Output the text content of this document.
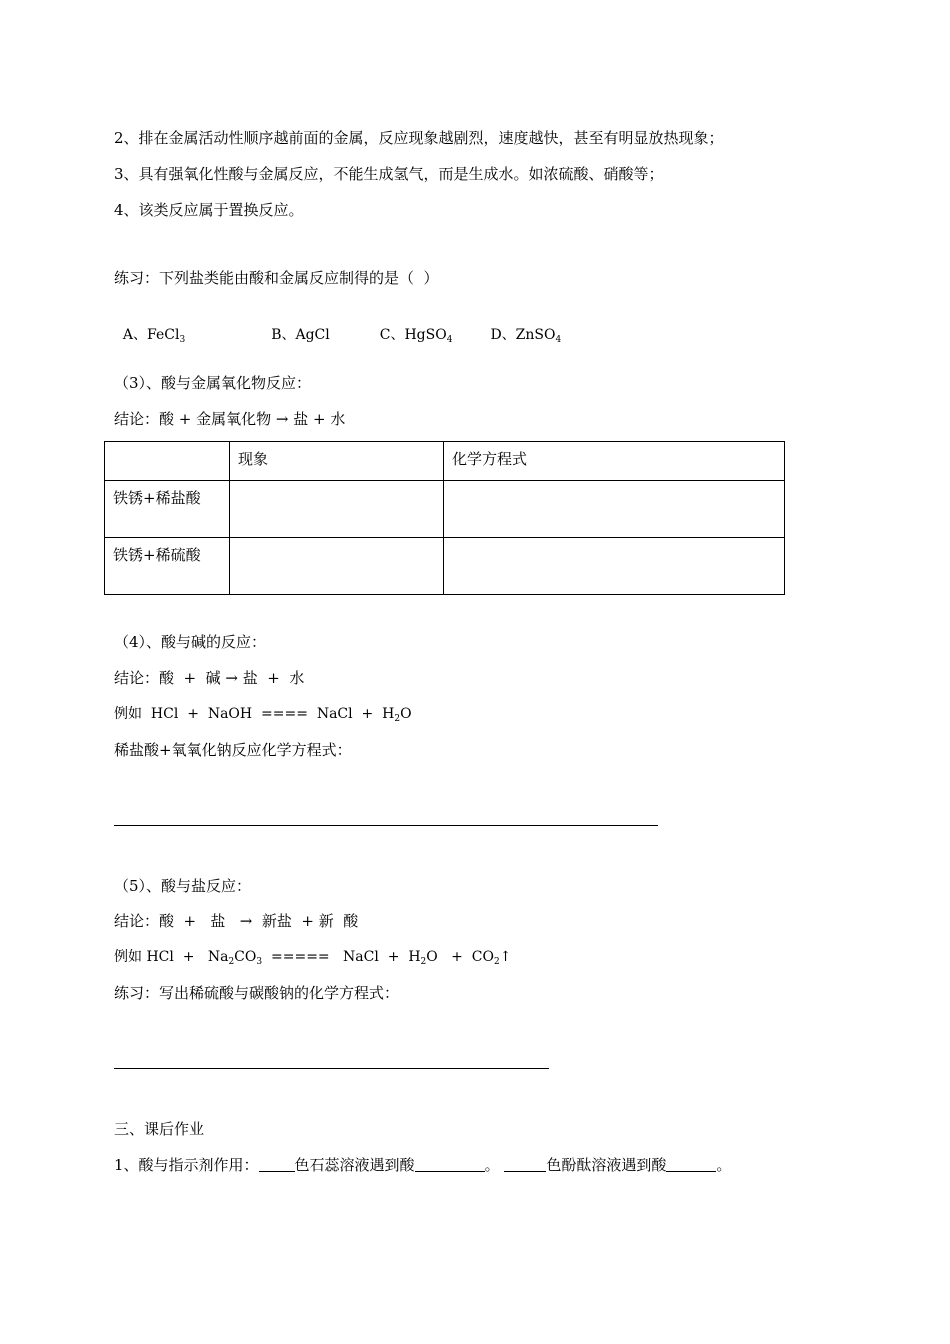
2、排在金属活动性顺序越前面的金属，反应现象越剧烈，速度越快，甚至有明显放热现象；
3、具有强氧化性酸与金属反应，不能生成氢气，而是生成水。如浓硫酸、硝酸等；
4、该类反应属于置换反应。
练习：下列盐类能由酸和金属反应制得的是（  ）

A、FeCl$_3$	B、AgCl	C、HgSO$_4$	D、ZnSO$_4$

（3）、酸与金属氧化物反应：
结论：酸 + 金属氧化物 → 盐 + 水
	现象	化学方程式
铁锈+稀盐酸		
铁锈+稀硫酸		
（4）、酸与碱的反应：
结论：酸  +  碱 → 盐  +  水
例如  HCl  +  NaOH  ====  NaCl  +  $H_2O$
稀盐酸+氧氧化钠反应化学方程式：
（5）、酸与盐反应：
结论：酸  +   盐   →  新盐  + 新  酸
例如 HCl  +   $Na_2CO_3$  =====   NaCl  +  $H_2O$   +  $CO_2↑$
练习：写出稀硫酸与碳酸钠的化学方程式：
三、课后作业
1、酸与指示剂作用： 色石蕊溶液遇到酸	。	色酚酞溶液遇到酸	。
